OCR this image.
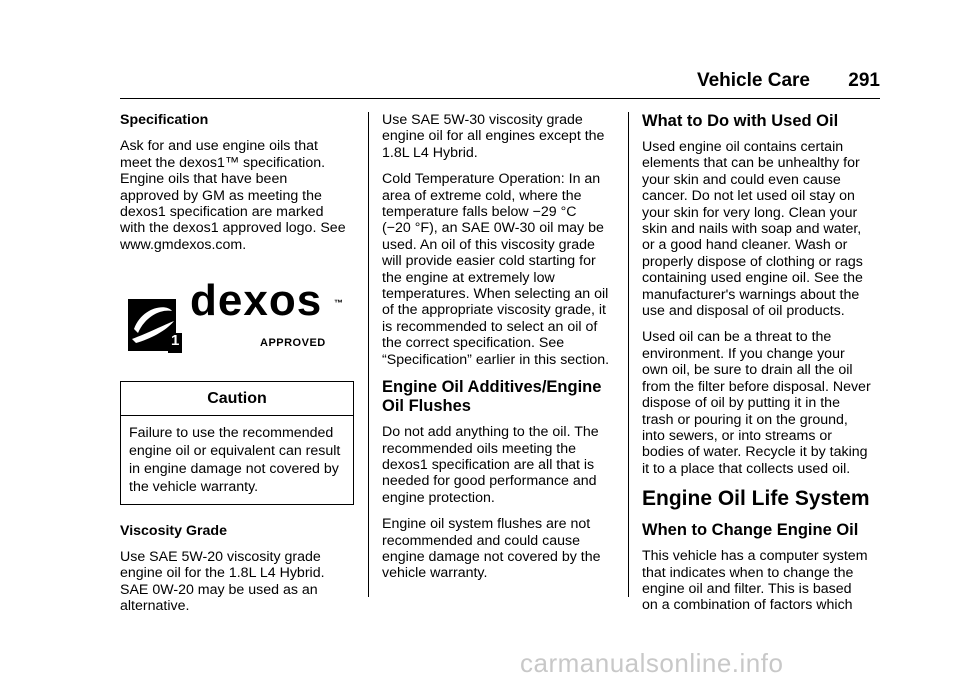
Vehicle Care 291
Specification

Ask for and use engine oils that
meet the dexos1™ specification.
Engine oils that have been
approved by GM as meeting the
dexos1 specification are marked
with the dexos1 approved logo. See
www.gmdexos.com.

1
dexos ™
APPROVED
Caution
Failure to use the recommended
engine oil or equivalent can result
in engine damage not covered by
the vehicle warranty.
Viscosity Grade

Use SAE 5W-20 viscosity grade
engine oil for the 1.8L L4 Hybrid.
SAE 0W-20 may be used as an
alternative.

Use SAE 5W-30 viscosity grade
engine oil for all engines except the
1.8L L4 Hybrid.

Cold Temperature Operation: In an
area of extreme cold, where the
temperature falls below −29 °C
(−20 °F), an SAE 0W-30 oil may be
used. An oil of this viscosity grade
will provide easier cold starting for
the engine at extremely low
temperatures. When selecting an oil
of the appropriate viscosity grade, it
is recommended to select an oil of
the correct specification. See
“Specification” earlier in this section.

Engine Oil Additives/Engine
Oil Flushes

Do not add anything to the oil. The
recommended oils meeting the
dexos1 specification are all that is
needed for good performance and
engine protection.

Engine oil system flushes are not
recommended and could cause
engine damage not covered by the
vehicle warranty.

What to Do with Used Oil

Used engine oil contains certain
elements that can be unhealthy for
your skin and could even cause
cancer. Do not let used oil stay on
your skin for very long. Clean your
skin and nails with soap and water,
or a good hand cleaner. Wash or
properly dispose of clothing or rags
containing used engine oil. See the
manufacturer's warnings about the
use and disposal of oil products.

Used oil can be a threat to the
environment. If you change your
own oil, be sure to drain all the oil
from the filter before disposal. Never
dispose of oil by putting it in the
trash or pouring it on the ground,
into sewers, or into streams or
bodies of water. Recycle it by taking
it to a place that collects used oil.

Engine Oil Life System
When to Change Engine Oil

This vehicle has a computer system
that indicates when to change the
engine oil and filter. This is based
on a combination of factors which

carmanualsonline.info
